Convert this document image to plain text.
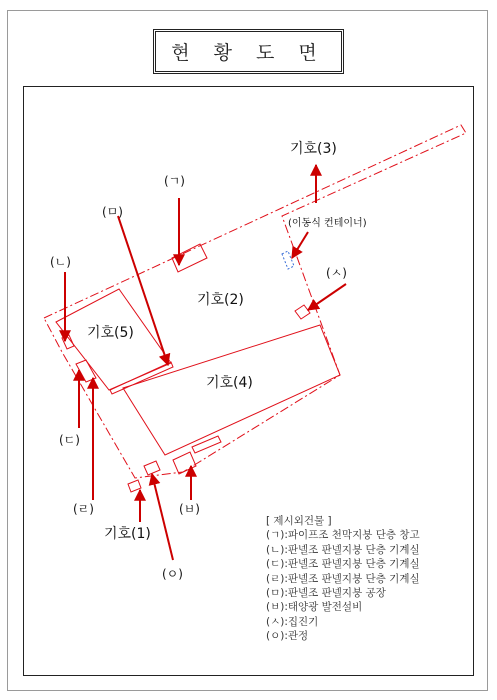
현 황 도 면
기호(2)
기호(3)
기호(4)
기호(5)
기호(1)
(이동식 컨테이너)
(ㄱ)
(ㅁ)
(ㄴ)
(ㅅ)
(ㄷ)
(ㄹ)	(ㅂ)
(ㅇ)
[ 제시외건물 ]
(ㄱ):파이프조 천막지붕 단층 창고
(ㄴ):판넬조 판넬지붕 단층 기계실
(ㄷ):판넬조 판넬지붕 단층 기계실
(ㄹ):판넬조 판넬지붕 단층 기계실
(ㅁ):판넬조 판넬지붕 공장
(ㅂ):태양광 발전설비
(ㅅ):집진기
(ㅇ):관정
